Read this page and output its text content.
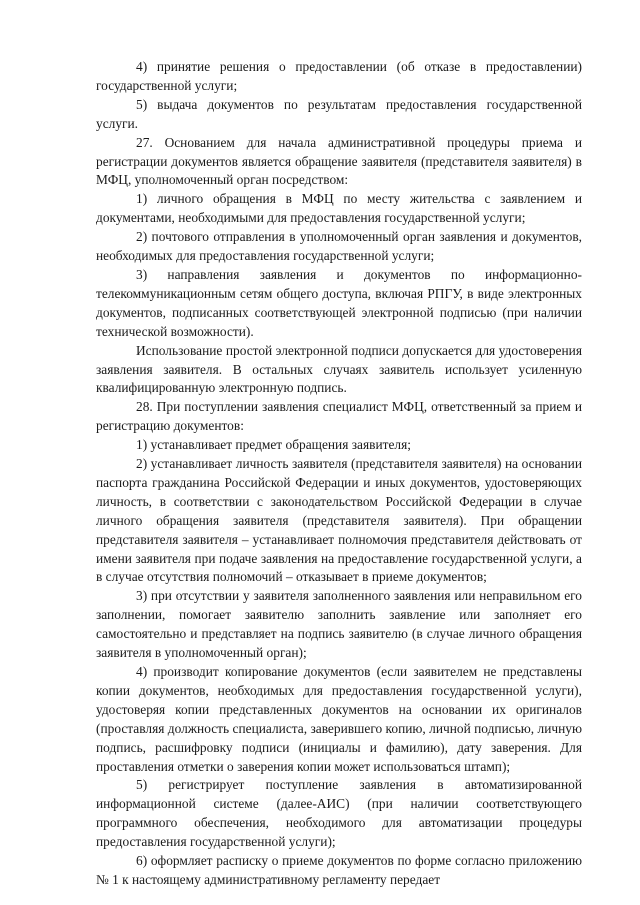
4) принятие решения о предоставлении (об отказе в предоставлении) государственной услуги;

5) выдача документов по результатам предоставления государственной услуги.

27. Основанием для начала административной процедуры приема и регистрации документов является обращение заявителя (представителя заявителя) в МФЦ, уполномоченный орган посредством:

1) личного обращения в МФЦ по месту жительства с заявлением и документами, необходимыми для предоставления государственной услуги;

2) почтового отправления в уполномоченный орган заявления и документов, необходимых для предоставления государственной услуги;

3) направления заявления и документов по информационно-телекоммуникационным сетям общего доступа, включая РПГУ, в виде электронных документов, подписанных соответствующей электронной подписью (при наличии технической возможности).

Использование простой электронной подписи допускается для удостоверения заявления заявителя. В остальных случаях заявитель использует усиленную квалифицированную электронную подпись.

28. При поступлении заявления специалист МФЦ, ответственный за прием и регистрацию документов:

1) устанавливает предмет обращения заявителя;

2) устанавливает личность заявителя (представителя заявителя) на основании паспорта гражданина Российской Федерации и иных документов, удостоверяющих личность, в соответствии с законодательством Российской Федерации в случае личного обращения заявителя (представителя заявителя). При обращении представителя заявителя – устанавливает полномочия представителя действовать от имени заявителя при подаче заявления на предоставление государственной услуги, а в случае отсутствия полномочий – отказывает в приеме документов;

3) при отсутствии у заявителя заполненного заявления или неправильном его заполнении, помогает заявителю заполнить заявление или заполняет его самостоятельно и представляет на подпись заявителю (в случае личного обращения заявителя в уполномоченный орган);

4) производит копирование документов (если заявителем не представлены копии документов, необходимых для предоставления государственной услуги), удостоверяя копии представленных документов на основании их оригиналов (проставляя должность специалиста, заверившего копию, личной подписью, личную подпись, расшифровку подписи (инициалы и фамилию), дату заверения. Для проставления отметки о заверения копии может использоваться штамп);

5) регистрирует поступление заявления в автоматизированной информационной системе (далее-АИС) (при наличии соответствующего программного обеспечения, необходимого для автоматизации процедуры предоставления государственной услуги);

6) оформляет расписку о приеме документов по форме согласно приложению № 1 к настоящему административному регламенту передает
